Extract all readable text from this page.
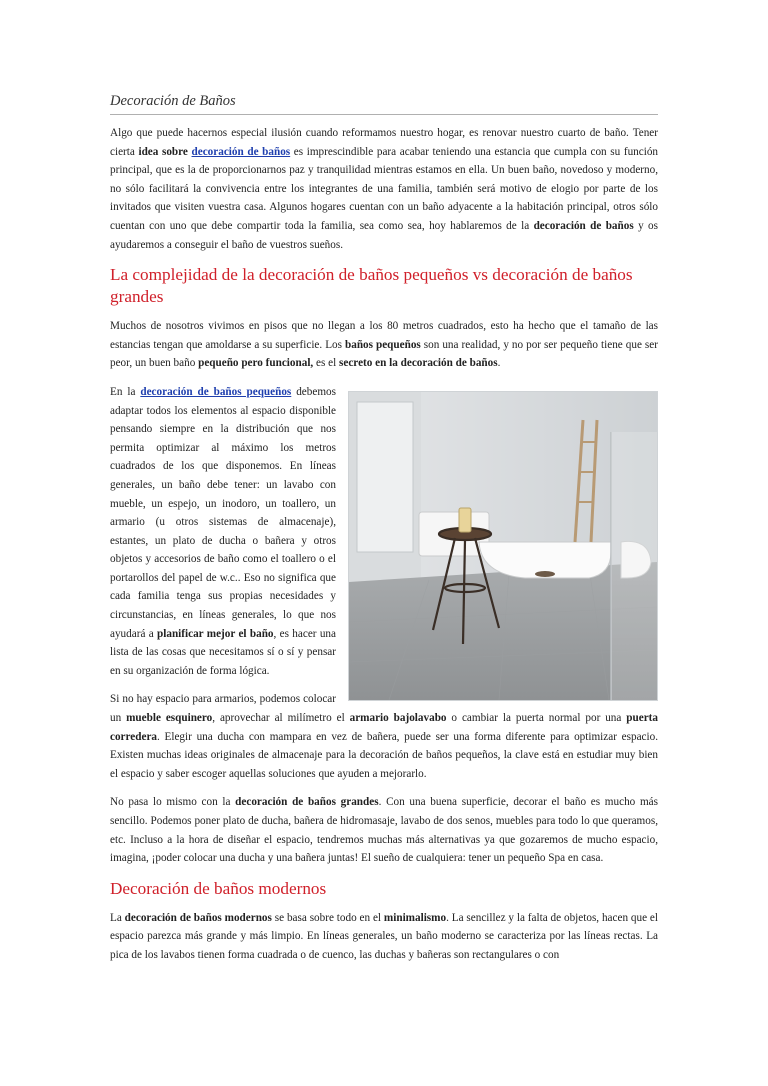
Decoración de Baños

Algo que puede hacernos especial ilusión cuando reformamos nuestro hogar, es renovar nuestro cuarto de baño. Tener cierta idea sobre decoración de baños es imprescindible para acabar teniendo una estancia que cumpla con su función principal, que es la de proporcionarnos paz y tranquilidad mientras estamos en ella. Un buen baño, novedoso y moderno, no sólo facilitará la convivencia entre los integrantes de una familia, también será motivo de elogio por parte de los invitados que visiten vuestra casa. Algunos hogares cuentan con un baño adyacente a la habitación principal, otros sólo cuentan con uno que debe compartir toda la familia, sea como sea, hoy hablaremos de la decoración de baños y os ayudaremos a conseguir el baño de vuestros sueños.

La complejidad de la decoración de baños pequeños vs decoración de baños grandes

Muchos de nosotros vivimos en pisos que no llegan a los 80 metros cuadrados, esto ha hecho que el tamaño de las estancias tengan que amoldarse a su superficie. Los baños pequeños son una realidad, y no por ser pequeño tiene que ser peor, un buen baño pequeño pero funcional, es el secreto en la decoración de baños.

En la decoración de baños pequeños
debemos adaptar todos los elementos al espacio disponible pensando siempre en la distribución que nos permita optimizar al máximo los metros cuadrados de los que disponemos. En líneas generales, un baño debe tener: un lavabo con mueble, un espejo, un inodoro, un toallero, un armario (u otros sistemas de almacenaje), estantes, un plato de ducha o bañera y otros objetos y accesorios de baño como el toallero o el portarollos del papel de w.c.. Eso no significa que cada familia tenga sus propias necesidades y circunstancias, en líneas generales, lo que nos ayudará a planificar mejor el baño, es hacer una lista de las cosas que necesitamos sí o sí y pensar en su organización de forma lógica.

Si no hay espacio para armarios, podemos colocar un mueble esquinero, aprovechar al milímetro el armario bajolavabo o cambiar la puerta normal por una puerta corredera. Elegir una ducha con mampara en vez de bañera, puede ser una forma diferente para optimizar espacio. Existen muchas ideas originales de almacenaje para la decoración de baños pequeños, la clave está en estudiar muy bien el espacio y saber escoger aquellas soluciones que ayuden a mejorarlo.

No pasa lo mismo con la decoración de baños grandes. Con una buena superficie, decorar el baño es mucho más sencillo. Podemos poner plato de ducha, bañera de hidromasaje, lavabo de dos senos, muebles para todo lo que queramos, etc. Incluso a la hora de diseñar el espacio, tendremos muchas más alternativas ya que gozaremos de mucho espacio, imagina, ¡poder colocar una ducha y una bañera juntas! El sueño de cualquiera: tener un pequeño Spa en casa.

Decoración de baños modernos

La decoración de baños modernos se basa sobre todo en el minimalismo. La sencillez y la falta de objetos, hacen que el espacio parezca más grande y más limpio. En líneas generales, un baño moderno se caracteriza por las líneas rectas. La pica de los lavabos tienen forma cuadrada o de cuenco, las duchas y bañeras son rectangulares o con
